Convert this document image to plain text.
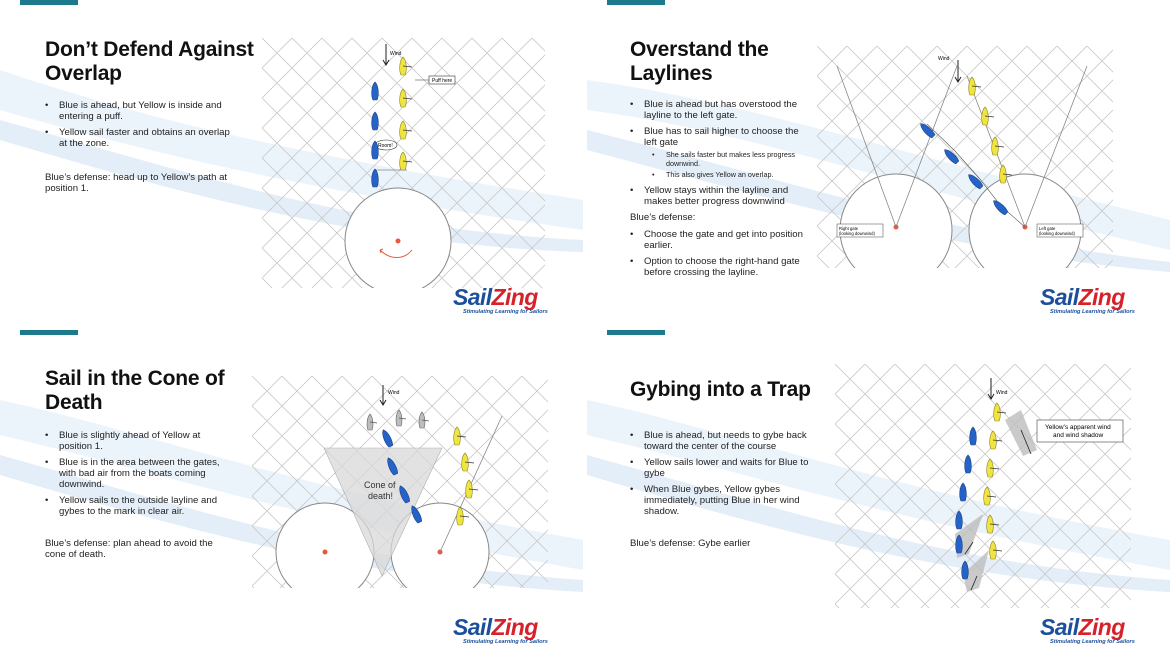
Don’t Defend Against Overlap
• Blue is ahead, but Yellow is inside and entering a puff.
• Yellow sail faster and obtains an overlap at the zone.
Blue’s defense: head up to Yellow’s path at position 1.
Wind
Puff here
Room!
SailZing
Stimulating Learning for Sailors
Overstand the Laylines
• Blue is ahead but has overstood the layline to the left gate.
• Blue has to sail higher to choose the left gate
• She sails faster but makes less progress downwind.
• This also gives Yellow an overlap.
• Yellow stays within the layline and makes better progress downwind
Blue’s defense:
• Choose the gate and get into position earlier.
• Option to choose the right-hand gate before crossing the layline.
Wind
Right gate
(looking downwind)
Left gate
(looking downwind)
SailZing
Stimulating Learning for Sailors
Sail in the Cone of Death
• Blue is slightly ahead of Yellow at position 1.
• Blue is in the area between the gates, with bad air from the boats coming downwind.
• Yellow sails to the outside layline and gybes to the mark in clear air.
Blue’s defense: plan ahead to avoid the cone of death.
Cone of
death!
Wind
SailZing
Stimulating Learning for Sailors
Gybing into a Trap
• Blue is ahead, but needs to gybe back toward the center of the course
• Yellow sails lower and waits for Blue to gybe
• When Blue gybes, Yellow gybes immediately, putting Blue in her wind shadow.
Blue’s defense: Gybe earlier
Wind
Yellow’s apparent wind
and wind shadow
SailZing
Stimulating Learning for Sailors
